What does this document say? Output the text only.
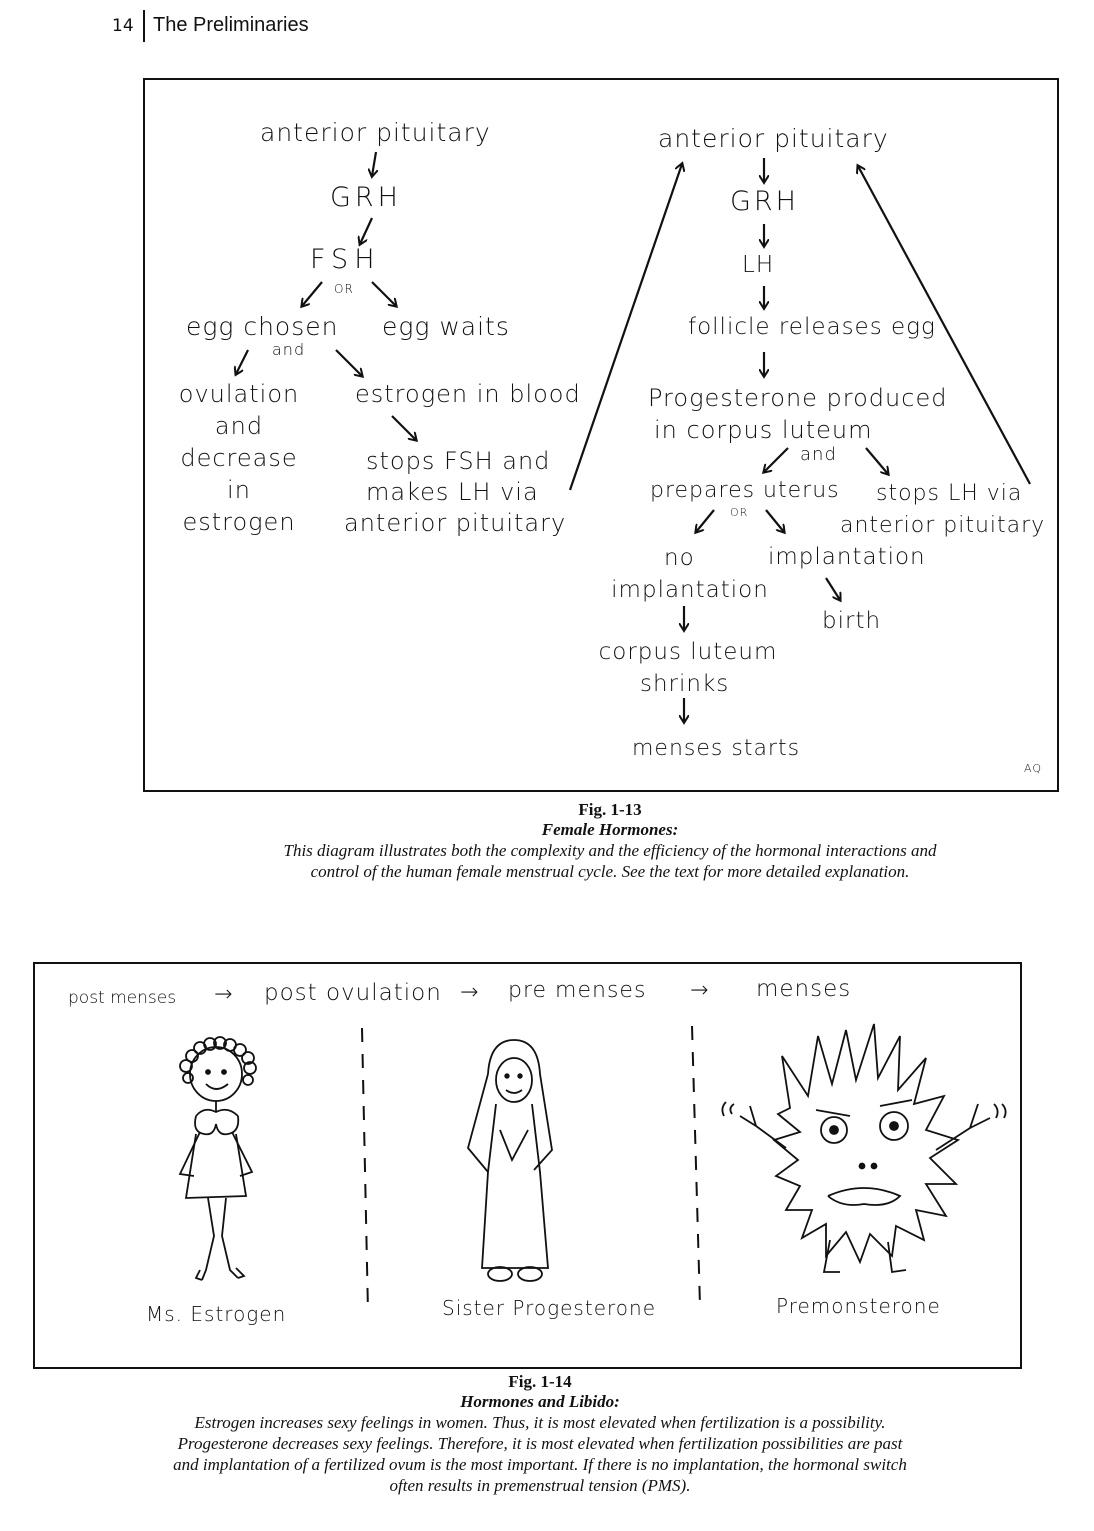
14 The Preliminaries
anterior pituitary
GRH
FSH
OR
egg chosen
and
egg waits
ovulation
and
decrease
in
estrogen
estrogen in blood
stops FSH and
makes LH via
anterior pituitary
anterior pituitary
GRH
LH
follicle releases egg
Progesterone produced
in corpus luteum
and
prepares uterus
OR
stops LH via
anterior pituitary
no
implantation
implantation
birth
corpus luteum
shrinks
menses starts
AQ
Fig. 1-13
Female Hormones:
This diagram illustrates both the complexity and the efficiency of the hormonal interactions and
control of the human female menstrual cycle. See the text for more detailed explanation.
post menses → post ovulation → pre menses → menses
Ms. Estrogen	Sister Progesterone	Premonsterone
Fig. 1-14
Hormones and Libido:
Estrogen increases sexy feelings in women. Thus, it is most elevated when fertilization is a possibility.
Progesterone decreases sexy feelings. Therefore, it is most elevated when fertilization possibilities are past
and implantation of a fertilized ovum is the most important. If there is no implantation, the hormonal switch
often results in premenstrual tension (PMS).
